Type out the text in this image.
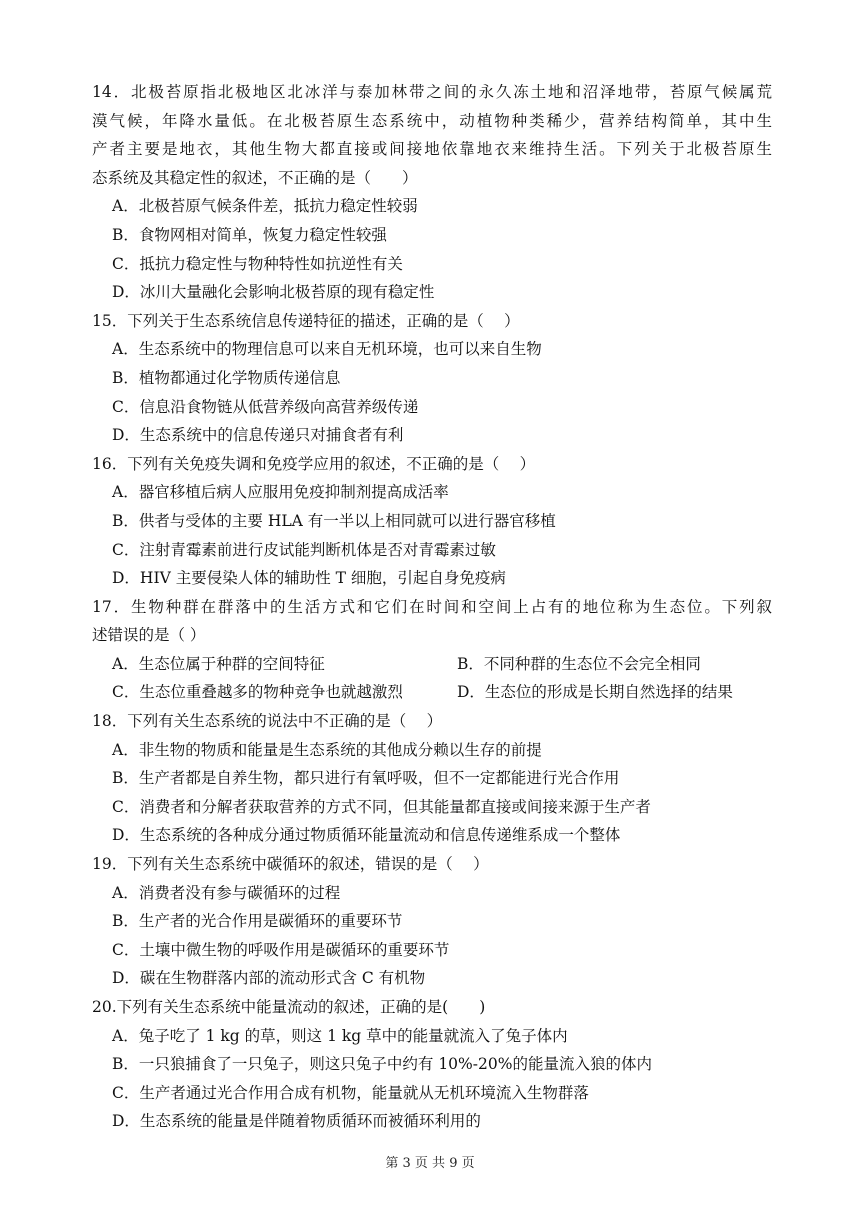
14．北极苔原指北极地区北冰洋与泰加林带之间的永久冻土地和沼泽地带，苔原气候属荒
漠气候，年降水量低。在北极苔原生态系统中，动植物种类稀少，营养结构简单，其中生
产者主要是地衣，其他生物大都直接或间接地依靠地衣来维持生活。下列关于北极苔原生
态系统及其稳定性的叙述，不正确的是（　　）
A．北极苔原气候条件差，抵抗力稳定性较弱
B．食物网相对简单，恢复力稳定性较强
C．抵抗力稳定性与物种特性如抗逆性有关
D．冰川大量融化会影响北极苔原的现有稳定性
15．下列关于生态系统信息传递特征的描述，正确的是（　 ）
A．生态系统中的物理信息可以来自无机环境，也可以来自生物
B．植物都通过化学物质传递信息
C．信息沿食物链从低营养级向高营养级传递
D．生态系统中的信息传递只对捕食者有利
16．下列有关免疫失调和免疫学应用的叙述，不正确的是（　 ）
A．器官移植后病人应服用免疫抑制剂提高成活率
B．供者与受体的主要 HLA 有一半以上相同就可以进行器官移植
C．注射青霉素前进行皮试能判断机体是否对青霉素过敏
D．HIV 主要侵染人体的辅助性 T 细胞，引起自身免疫病
17．生物种群在群落中的生活方式和它们在时间和空间上占有的地位称为生态位。下列叙
述错误的是（ ）
A．生态位属于种群的空间特征	B．不同种群的生态位不会完全相同
C．生态位重叠越多的物种竞争也就越激烈	D．生态位的形成是长期自然选择的结果
18．下列有关生态系统的说法中不正确的是（　 ）
A．非生物的物质和能量是生态系统的其他成分赖以生存的前提
B．生产者都是自养生物，都只进行有氧呼吸，但不一定都能进行光合作用
C．消费者和分解者获取营养的方式不同，但其能量都直接或间接来源于生产者
D．生态系统的各种成分通过物质循环能量流动和信息传递维系成一个整体
19．下列有关生态系统中碳循环的叙述，错误的是（　 ）
A．消费者没有参与碳循环的过程
B．生产者的光合作用是碳循环的重要环节
C．土壤中微生物的呼吸作用是碳循环的重要环节
D．碳在生物群落内部的流动形式含 C 有机物
20.下列有关生态系统中能量流动的叙述，正确的是(　　)
A．兔子吃了 1 kg 的草，则这 1 kg 草中的能量就流入了兔子体内
B．一只狼捕食了一只兔子，则这只兔子中约有 10%-20%的能量流入狼的体内
C．生产者通过光合作用合成有机物，能量就从无机环境流入生物群落
D．生态系统的能量是伴随着物质循环而被循环利用的
第 3 页 共 9 页
